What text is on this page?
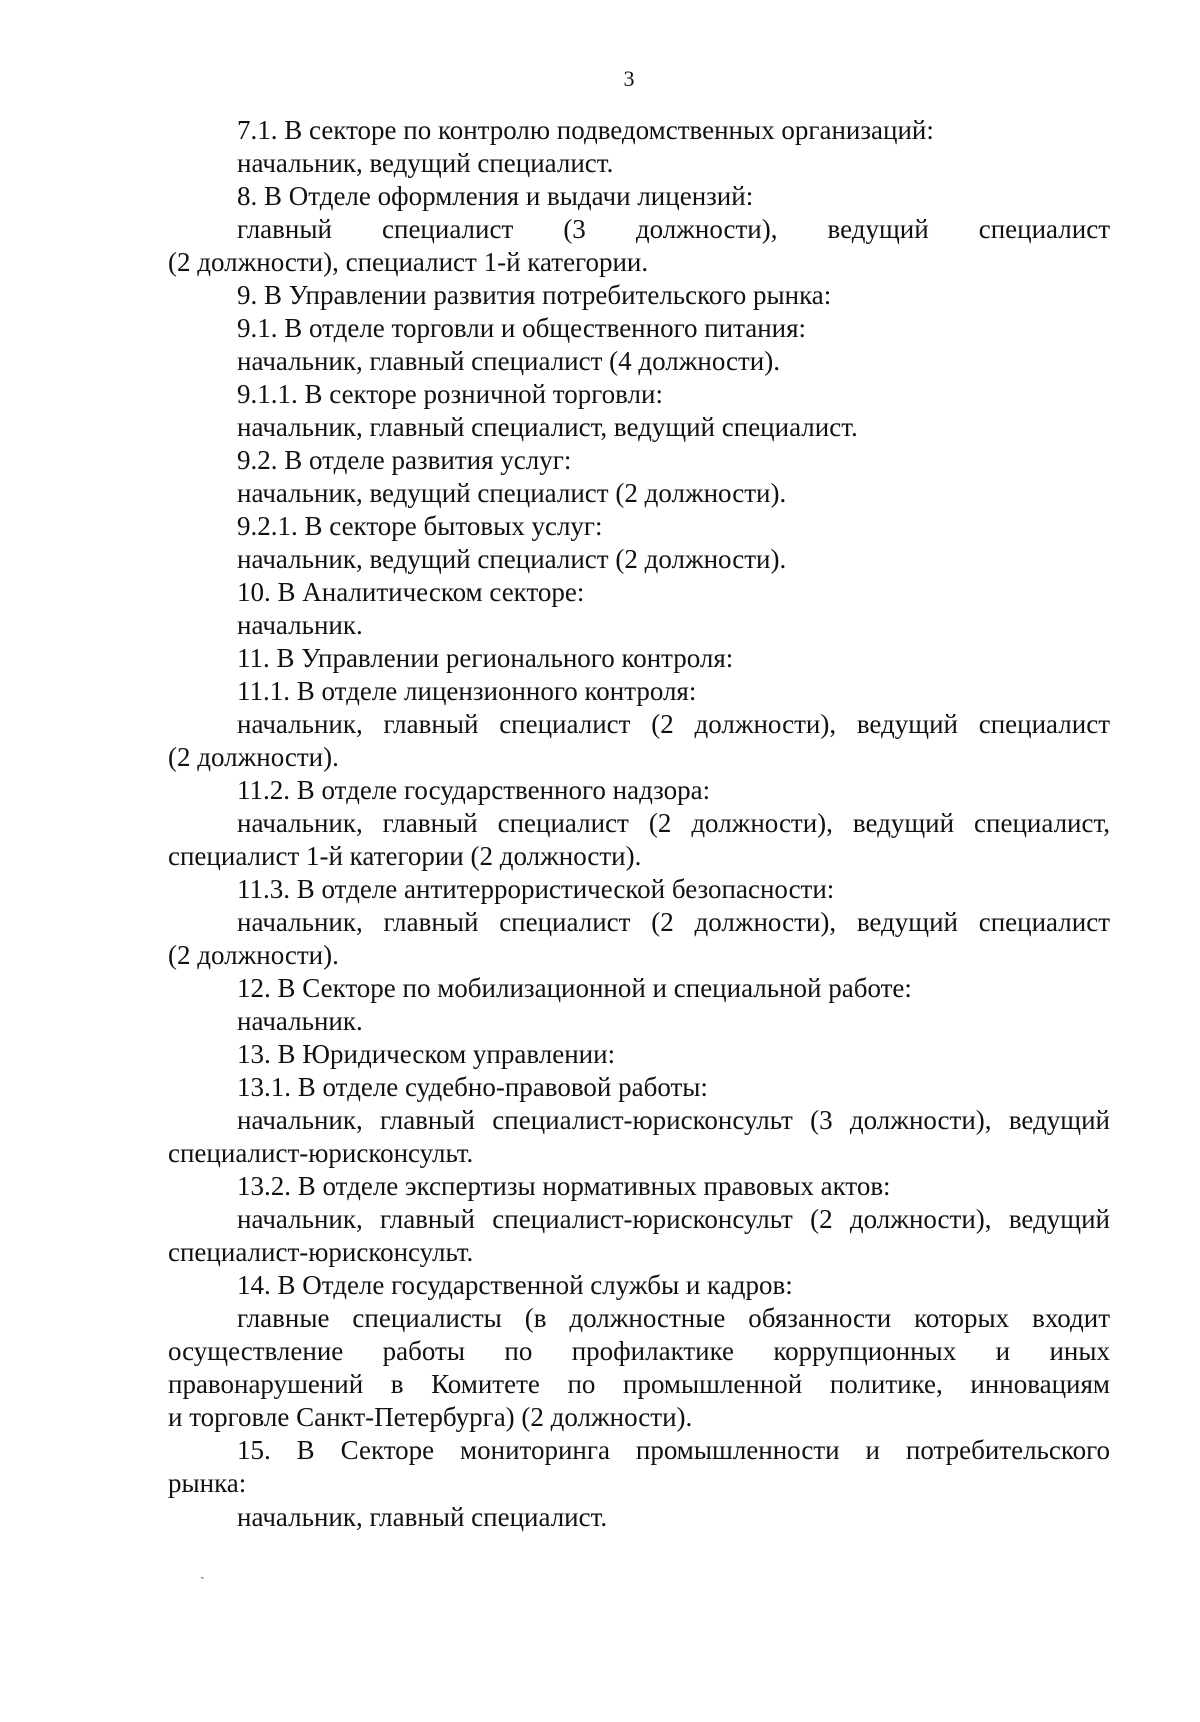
3
7.1. В секторе по контролю подведомственных организаций:
начальник, ведущий специалист.
8. В Отделе оформления и выдачи лицензий:
главный специалист (3 должности), ведущий специалист
(2 должности), специалист 1-й категории.
9. В Управлении развития потребительского рынка:
9.1. В отделе торговли и общественного питания:
начальник, главный специалист (4 должности).
9.1.1. В секторе розничной торговли:
начальник, главный специалист, ведущий специалист.
9.2. В отделе развития услуг:
начальник, ведущий специалист (2 должности).
9.2.1. В секторе бытовых услуг:
начальник, ведущий специалист (2 должности).
10. В Аналитическом секторе:
начальник.
11. В Управлении регионального контроля:
11.1. В отделе лицензионного контроля:
начальник, главный специалист (2 должности), ведущий специалист
(2 должности).
11.2. В отделе государственного надзора:
начальник, главный специалист (2 должности), ведущий специалист,
специалист 1-й категории (2 должности).
11.3. В отделе антитеррористической безопасности:
начальник, главный специалист (2 должности), ведущий специалист
(2 должности).
12. В Секторе по мобилизационной и специальной работе:
начальник.
13. В Юридическом управлении:
13.1. В отделе судебно-правовой работы:
начальник, главный специалист-юрисконсульт (3 должности), ведущий
специалист-юрисконсульт.
13.2. В отделе экспертизы нормативных правовых актов:
начальник, главный специалист-юрисконсульт (2 должности), ведущий
специалист-юрисконсульт.
14. В Отделе государственной службы и кадров:
главные специалисты (в должностные обязанности которых входит
осуществление работы по профилактике коррупционных и иных
правонарушений в Комитете по промышленной политике, инновациям
и торговле Санкт-Петербурга) (2 должности).
15. В Секторе мониторинга промышленности и потребительского
рынка:
начальник, главный специалист.
ˎ
